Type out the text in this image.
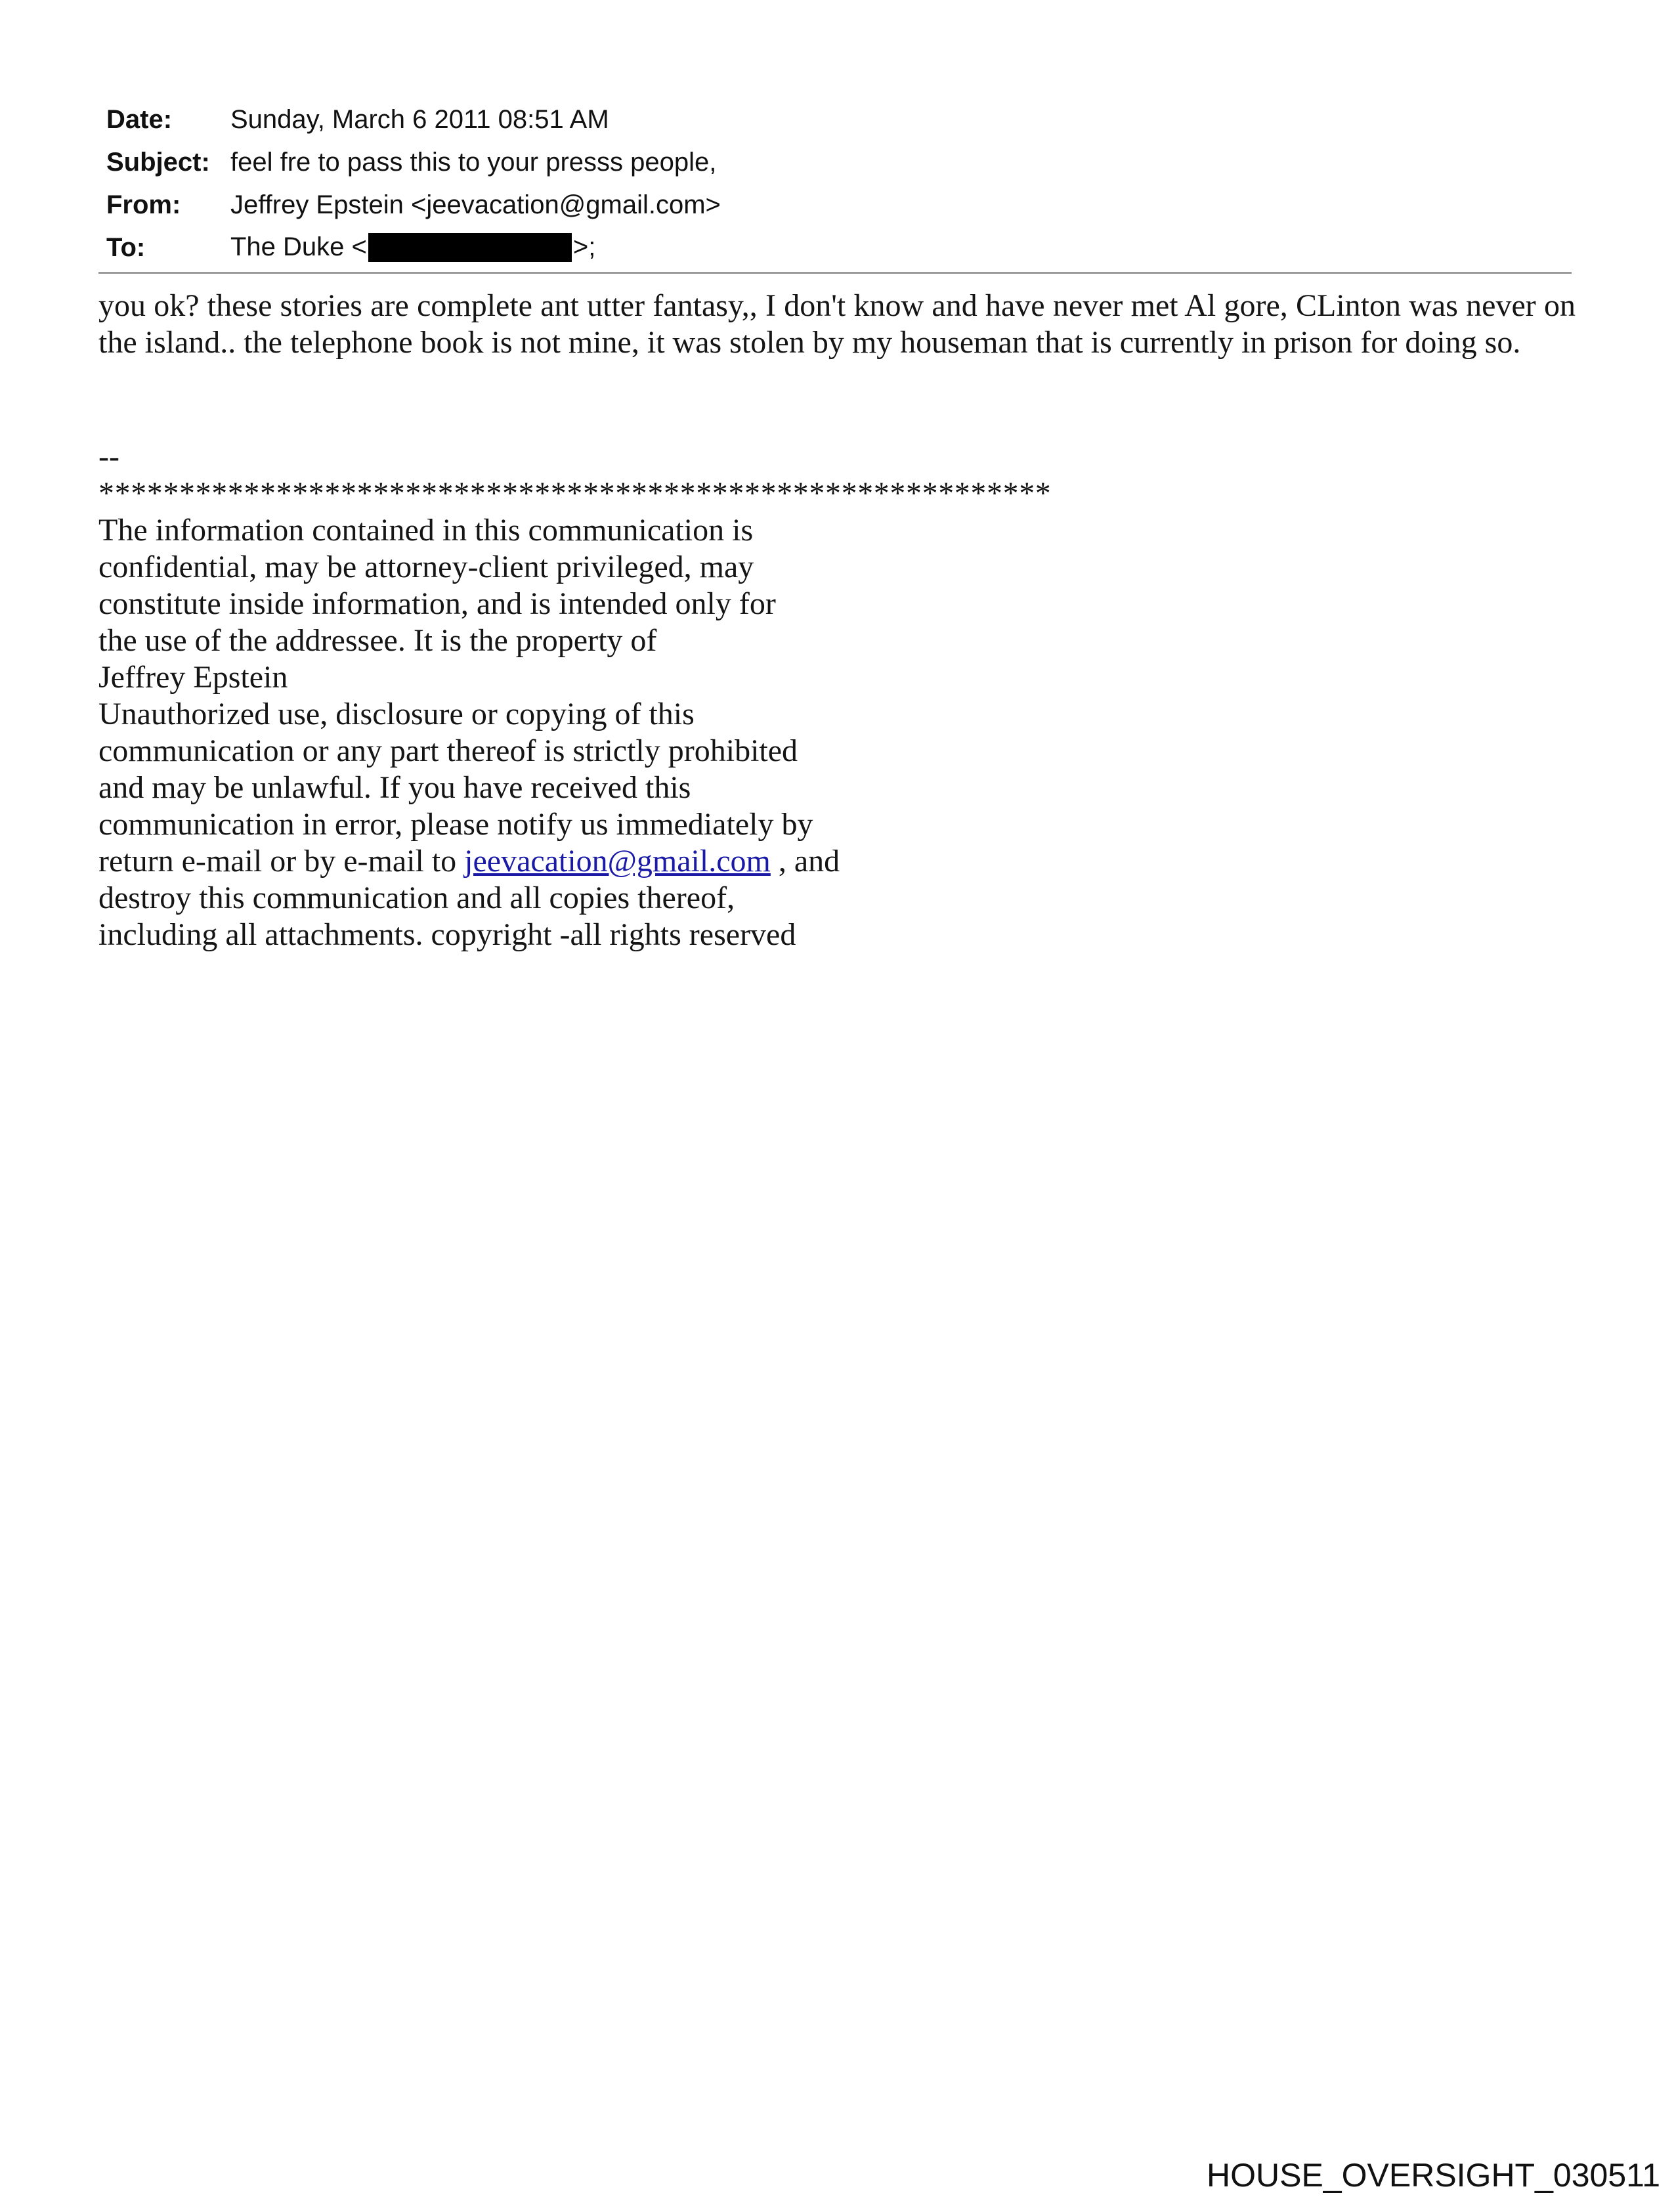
Date:	Sunday, March 6 2011 08:51 AM
Subject: feel fre to pass this to your presss people,
From:	Jeffrey Epstein <jeevacation@gmail.com>
To:	The Duke <	>;
you ok? these stories are complete ant utter fantasy,, I don't know and have never met Al gore, CLinton was never on the island.. the telephone book is not mine, it was stolen by my houseman that is currently in prison for doing so.
--
***********************************************************
The information contained in this communication is
confidential, may be attorney-client privileged, may
constitute inside information, and is intended only for
the use of the addressee. It is the property of
Jeffrey Epstein
Unauthorized use, disclosure or copying of this
communication or any part thereof is strictly prohibited
and may be unlawful. If you have received this
communication in error, please notify us immediately by
return e-mail or by e-mail to jeevacation@gmail.com , and
destroy this communication and all copies thereof,
including all attachments. copyright -all rights reserved
HOUSE_OVERSIGHT_030511
